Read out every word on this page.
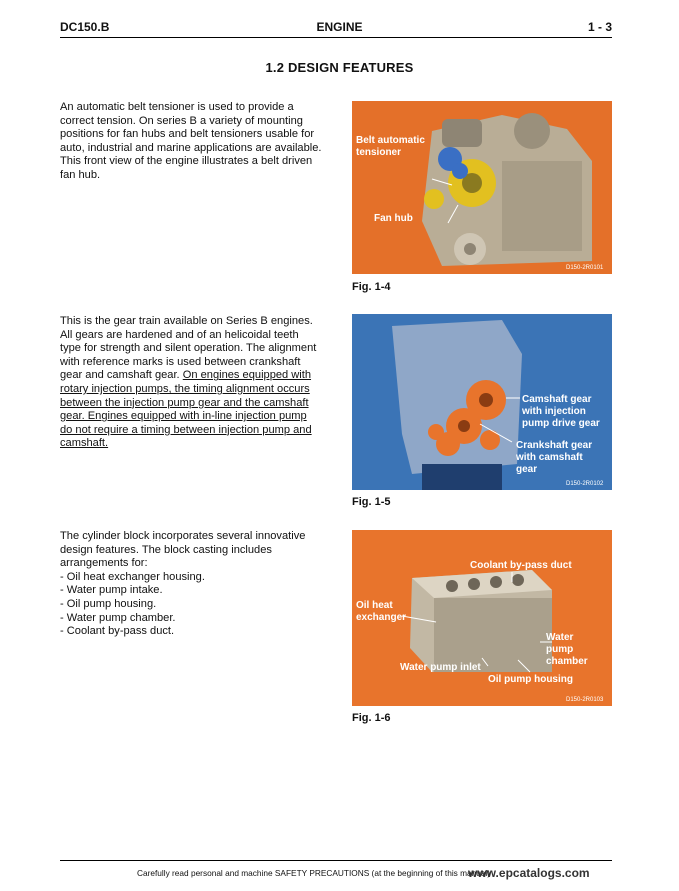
DC150.B	ENGINE	1 - 3
1.2 DESIGN FEATURES

An automatic belt tensioner is used to provide a correct tension. On series B a variety of mounting positions for fan hubs and belt tensioners usable for auto, industrial and marine applications are available. This front view of the engine illustrates a belt driven fan hub.

Belt automatic
tensioner
Fan hub
D150-2R0101
Fig. 1-4

This is the gear train available on Series B engines. All gears are hardened and of an helicoidal teeth type for strength and silent operation. The alignment with reference marks is used between crankshaft gear and camshaft gear. On engines equipped with rotary injection pumps, the timing alignment occurs between the injection pump gear and the camshaft gear. Engines equipped with in-line injection pump do not require a timing between injection pump and camshaft.

Camshaft gear
with injection
pump drive gear
Crankshaft gear
with camshaft
gear
D150-2R0102
Fig. 1-5

The cylinder block incorporates several innovative design features. The block casting includes arrangements for:

- Oil heat exchanger housing.
- Water pump intake.
- Oil pump housing.
- Water pump chamber.
- Coolant by-pass duct.
Coolant by-pass duct
Oil heat
exchanger
Water
pump
chamber
Water pump inlet
Oil pump housing
D150-2R0103
Fig. 1-6
Carefully read personal and machine SAFETY PRECAUTIONS (at the beginning of this manual)
www.epcatalogs.com
